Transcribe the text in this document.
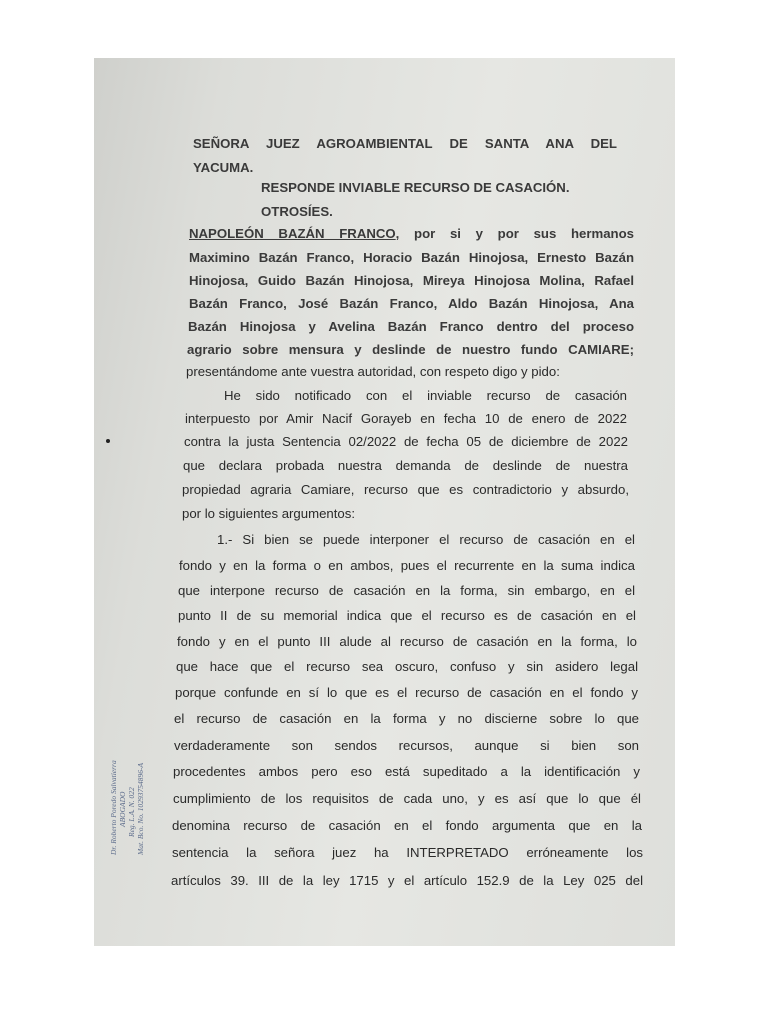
SEÑORA JUEZ AGROAMBIENTAL DE SANTA ANA DEL
YACUMA.
RESPONDE INVIABLE RECURSO DE CASACIÓN.
OTROSÍES.
NAPOLEÓN BAZÁN FRANCO, por si y por sus hermanos
Maximino Bazán Franco, Horacio Bazán Hinojosa, Ernesto Bazán
Hinojosa, Guido Bazán Hinojosa, Mireya Hinojosa Molina, Rafael
Bazán Franco, José Bazán Franco, Aldo Bazán Hinojosa, Ana
Bazán Hinojosa y Avelina Bazán Franco dentro del proceso
agrario sobre mensura y deslinde de nuestro fundo CAMIARE;
presentándome ante vuestra autoridad, con respeto digo y pido:
He sido notificado con el inviable recurso de casación
interpuesto por Amir Nacif Gorayeb en fecha 10 de enero de 2022
contra la justa Sentencia 02/2022 de fecha 05 de diciembre de 2022
que declara probada nuestra demanda de deslinde de nuestra
propiedad agraria Camiare, recurso que es contradictorio y absurdo,
por lo siguientes argumentos:
1.- Si bien se puede interponer el recurso de casación en el
fondo y en la forma o en ambos, pues el recurrente en la suma indica
que interpone recurso de casación en la forma, sin embargo, en el
punto II de su memorial indica que el recurso es de casación en el
fondo y en el punto III alude al recurso de casación en la forma, lo
que hace que el recurso sea oscuro, confuso y sin asidero legal
porque confunde en sí lo que es el recurso de casación en el fondo y
el recurso de casación en la forma y no discierne sobre lo que
verdaderamente son sendos recursos, aunque si bien son
procedentes ambos pero eso está supeditado a la identificación y
cumplimiento de los requisitos de cada uno, y es así que lo que él
denomina recurso de casación en el fondo argumenta que en la
sentencia la señora juez ha INTERPRETADO erróneamente los
artículos 39. III de la ley 1715 y el artículo 152.9 de la Ley 025 del
Dr. Roberto Poredo Salvatierra ABOGADO Reg. L.A. N. 022 Mat. Bco. No. 10293754896-A
